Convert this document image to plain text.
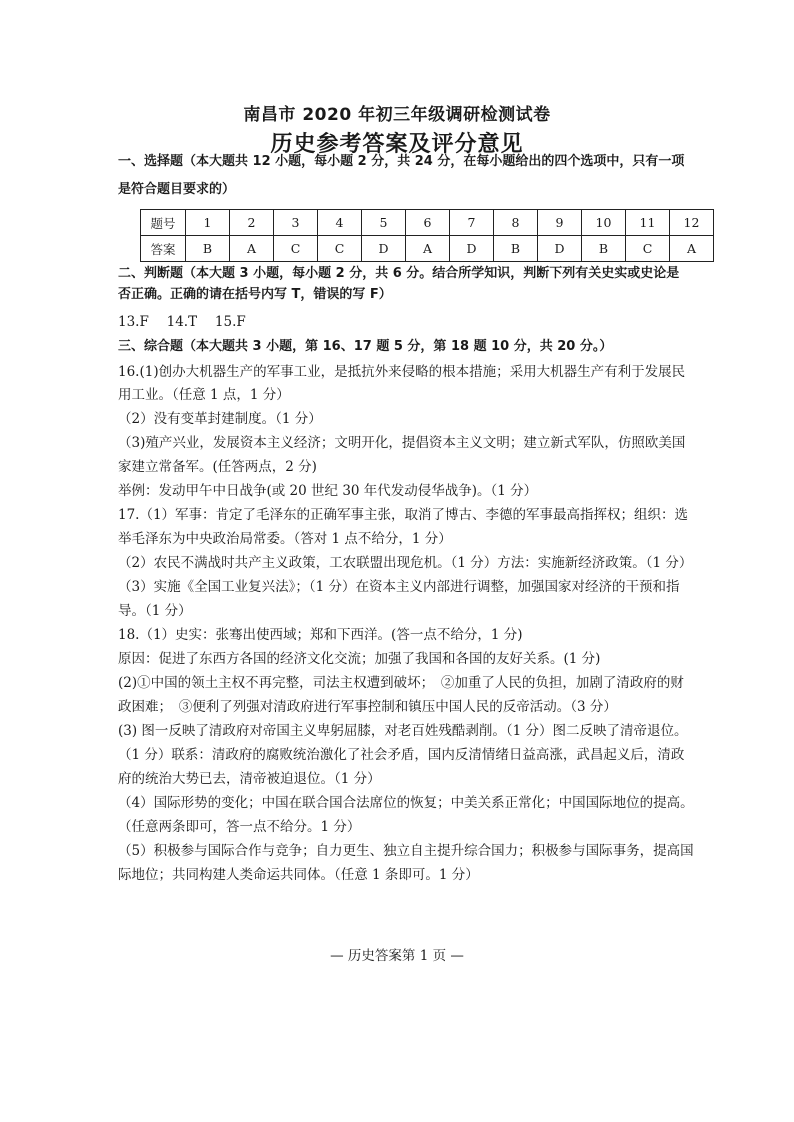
南昌市 2020 年初三年级调研检测试卷
历史参考答案及评分意见
一、选择题（本大题共 12 小题，每小题 2 分，共 24 分，在每小题给出的四个选项中，只有一项
是符合题目要求的）
题号	1	2	3	4	5	6	7	8	9	10	11	12
答案	B	A	C	C	D	A	D	B	D	B	C	A
二、判断题（本大题 3 小题，每小题 2 分，共 6 分。结合所学知识，判断下列有关史实或史论是
否正确。正确的请在括号内写 T，错误的写 F）
13.F　 14.T　 15.F
三、综合题（本大题共 3 小题，第 16、17 题 5 分，第 18 题 10 分，共 20 分。）
16.(1)创办大机器生产的军事工业，是抵抗外来侵略的根本措施；采用大机器生产有利于发展民
用工业。（任意 1 点，1 分）
（2）没有变革封建制度。（1 分）
（3)殖产兴业，发展资本主义经济；文明开化，提倡资本主义文明；建立新式军队，仿照欧美国
家建立常备军。(任答两点，2 分)
举例：发动甲午中日战争(或 20 世纪 30 年代发动侵华战争)。（1 分）
17.（1）军事：肯定了毛泽东的正确军事主张，取消了博古、李德的军事最高指挥权；组织：选
举毛泽东为中央政治局常委。（答对 1 点不给分，1 分）
（2）农民不满战时共产主义政策，工农联盟出现危机。（1 分）方法：实施新经济政策。（1 分）
（3）实施《全国工业复兴法》；（1 分）在资本主义内部进行调整，加强国家对经济的干预和指
导。（1 分）
18.（1）史实：张骞出使西域；郑和下西洋。(答一点不给分，1 分)
原因：促进了东西方各国的经济文化交流；加强了我国和各国的友好关系。(1 分)
(2)①中国的领土主权不再完整，司法主权遭到破坏；　②加重了人民的负担，加剧了清政府的财
政困难；　③便利了列强对清政府进行军事控制和镇压中国人民的反帝活动。（3 分）
(3) 图一反映了清政府对帝国主义卑躬屈膝，对老百姓残酷剥削。（1 分）图二反映了清帝退位。
（1 分）联系：清政府的腐败统治激化了社会矛盾，国内反清情绪日益高涨，武昌起义后，清政
府的统治大势已去，清帝被迫退位。（1 分）
（4）国际形势的变化；中国在联合国合法席位的恢复；中美关系正常化；中国国际地位的提高。
（任意两条即可，答一点不给分。1 分）
（5）积极参与国际合作与竞争；自力更生、独立自主提升综合国力；积极参与国际事务，提高国
际地位；共同构建人类命运共同体。（任意 1 条即可。1 分）
— 历史答案第 1 页 —
